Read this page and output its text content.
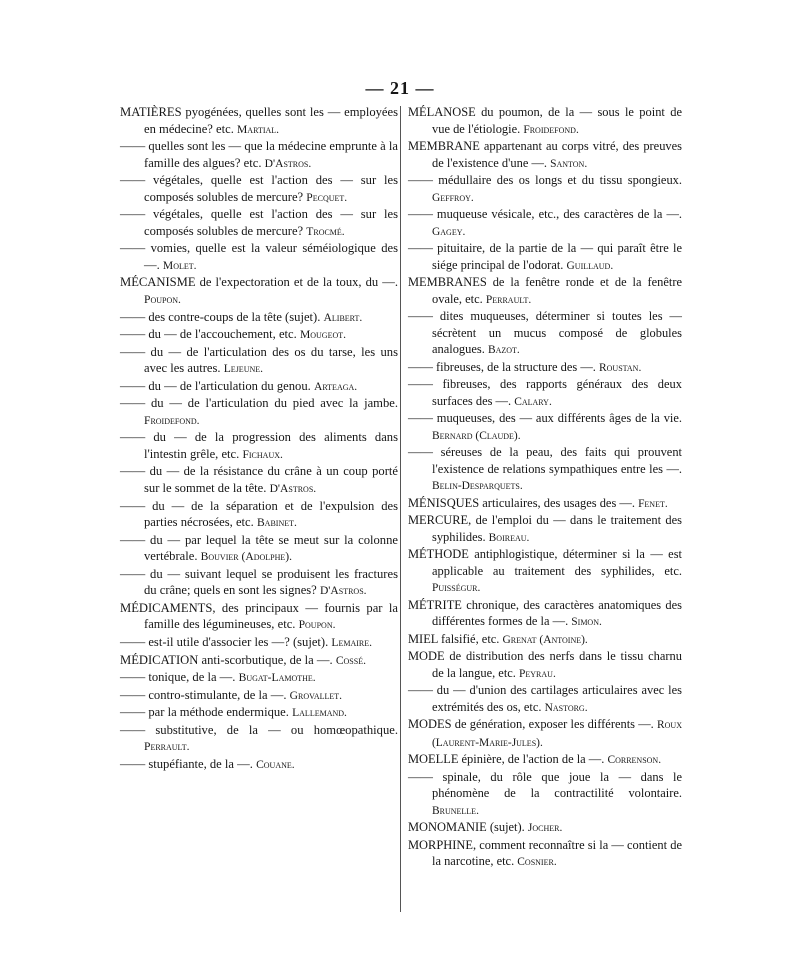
— 21 —

MATIÈRES pyogénées, quelles sont les — employées en médecine? etc. Martial.

—— quelles sont les — que la médecine emprunte à la famille des algues? etc. D'Astros.

—— végétales, quelle est l'action des — sur les composés solubles de mercure? Pecquet.

—— végétales, quelle est l'action des — sur les composés solubles de mercure? Trocmé.

—— vomies, quelle est la valeur séméiologique des —. Molet.

MÉCANISME de l'expectoration et de la toux, du —. Poupon.

—— des contre-coups de la tête (sujet). Alibert.

—— du — de l'accouchement, etc. Mougeot.

—— du — de l'articulation des os du tarse, les uns avec les autres. Lejeune.

—— du — de l'articulation du genou. Arteaga.

—— du — de l'articulation du pied avec la jambe. Froidefond.

—— du — de la progression des aliments dans l'intestin grêle, etc. Fichaux.

—— du — de la résistance du crâne à un coup porté sur le sommet de la tête. D'Astros.

—— du — de la séparation et de l'expulsion des parties nécrosées, etc. Babinet.

—— du — par lequel la tête se meut sur la colonne vertébrale. Bouvier (Adolphe).

—— du — suivant lequel se produisent les fractures du crâne; quels en sont les signes? D'Astros.

MÉDICAMENTS, des principaux — fournis par la famille des légumineuses, etc. Poupon.

—— est-il utile d'associer les —? (sujet). Lemaire.

MÉDICATION anti-scorbutique, de la —. Cossé.

—— tonique, de la —. Bugat-Lamothe.

—— contro-stimulante, de la —. Grovallet.

—— par la méthode endermique. Lallemand.

—— substitutive, de la — ou homœopathique. Perrault.

—— stupéfiante, de la —. Couane.

MÉLANOSE du poumon, de la — sous le point de vue de l'étiologie. Froidefond.

MEMBRANE appartenant au corps vitré, des preuves de l'existence d'une —. Santon.

—— médullaire des os longs et du tissu spongieux. Geffroy.

—— muqueuse vésicale, etc., des caractères de la —. Gagey.

—— pituitaire, de la partie de la — qui paraît être le siége principal de l'odorat. Guillaud.

MEMBRANES de la fenêtre ronde et de la fenêtre ovale, etc. Perrault.

—— dites muqueuses, déterminer si toutes les — sécrètent un mucus composé de globules analogues. Bazot.

—— fibreuses, de la structure des —. Roustan.

—— fibreuses, des rapports généraux des deux surfaces des —. Calary.

—— muqueuses, des — aux différents âges de la vie. Bernard (Claude).

—— séreuses de la peau, des faits qui prouvent l'existence de relations sympathiques entre les —. Belin-Desparquets.

MÉNISQUES articulaires, des usages des —. Fenet.

MERCURE, de l'emploi du — dans le traitement des syphilides. Boireau.

MÉTHODE antiphlogistique, déterminer si la — est applicable au traitement des syphilides, etc. Puisségur.

MÉTRITE chronique, des caractères anatomiques des différentes formes de la —. Simon.

MIEL falsifié, etc. Grenat (Antoine).

MODE de distribution des nerfs dans le tissu charnu de la langue, etc. Peyrau.

—— du — d'union des cartilages articulaires avec les extrémités des os, etc. Nastorg.

MODES de génération, exposer les différents —. Roux (Laurent-Marie-Jules).

MOELLE épinière, de l'action de la —. Correnson.

—— spinale, du rôle que joue la — dans le phénomène de la contractilité volontaire. Brunelle.

MONOMANIE (sujet). Jocher.

MORPHINE, comment reconnaître si la — contient de la narcotine, etc. Cosnier.
